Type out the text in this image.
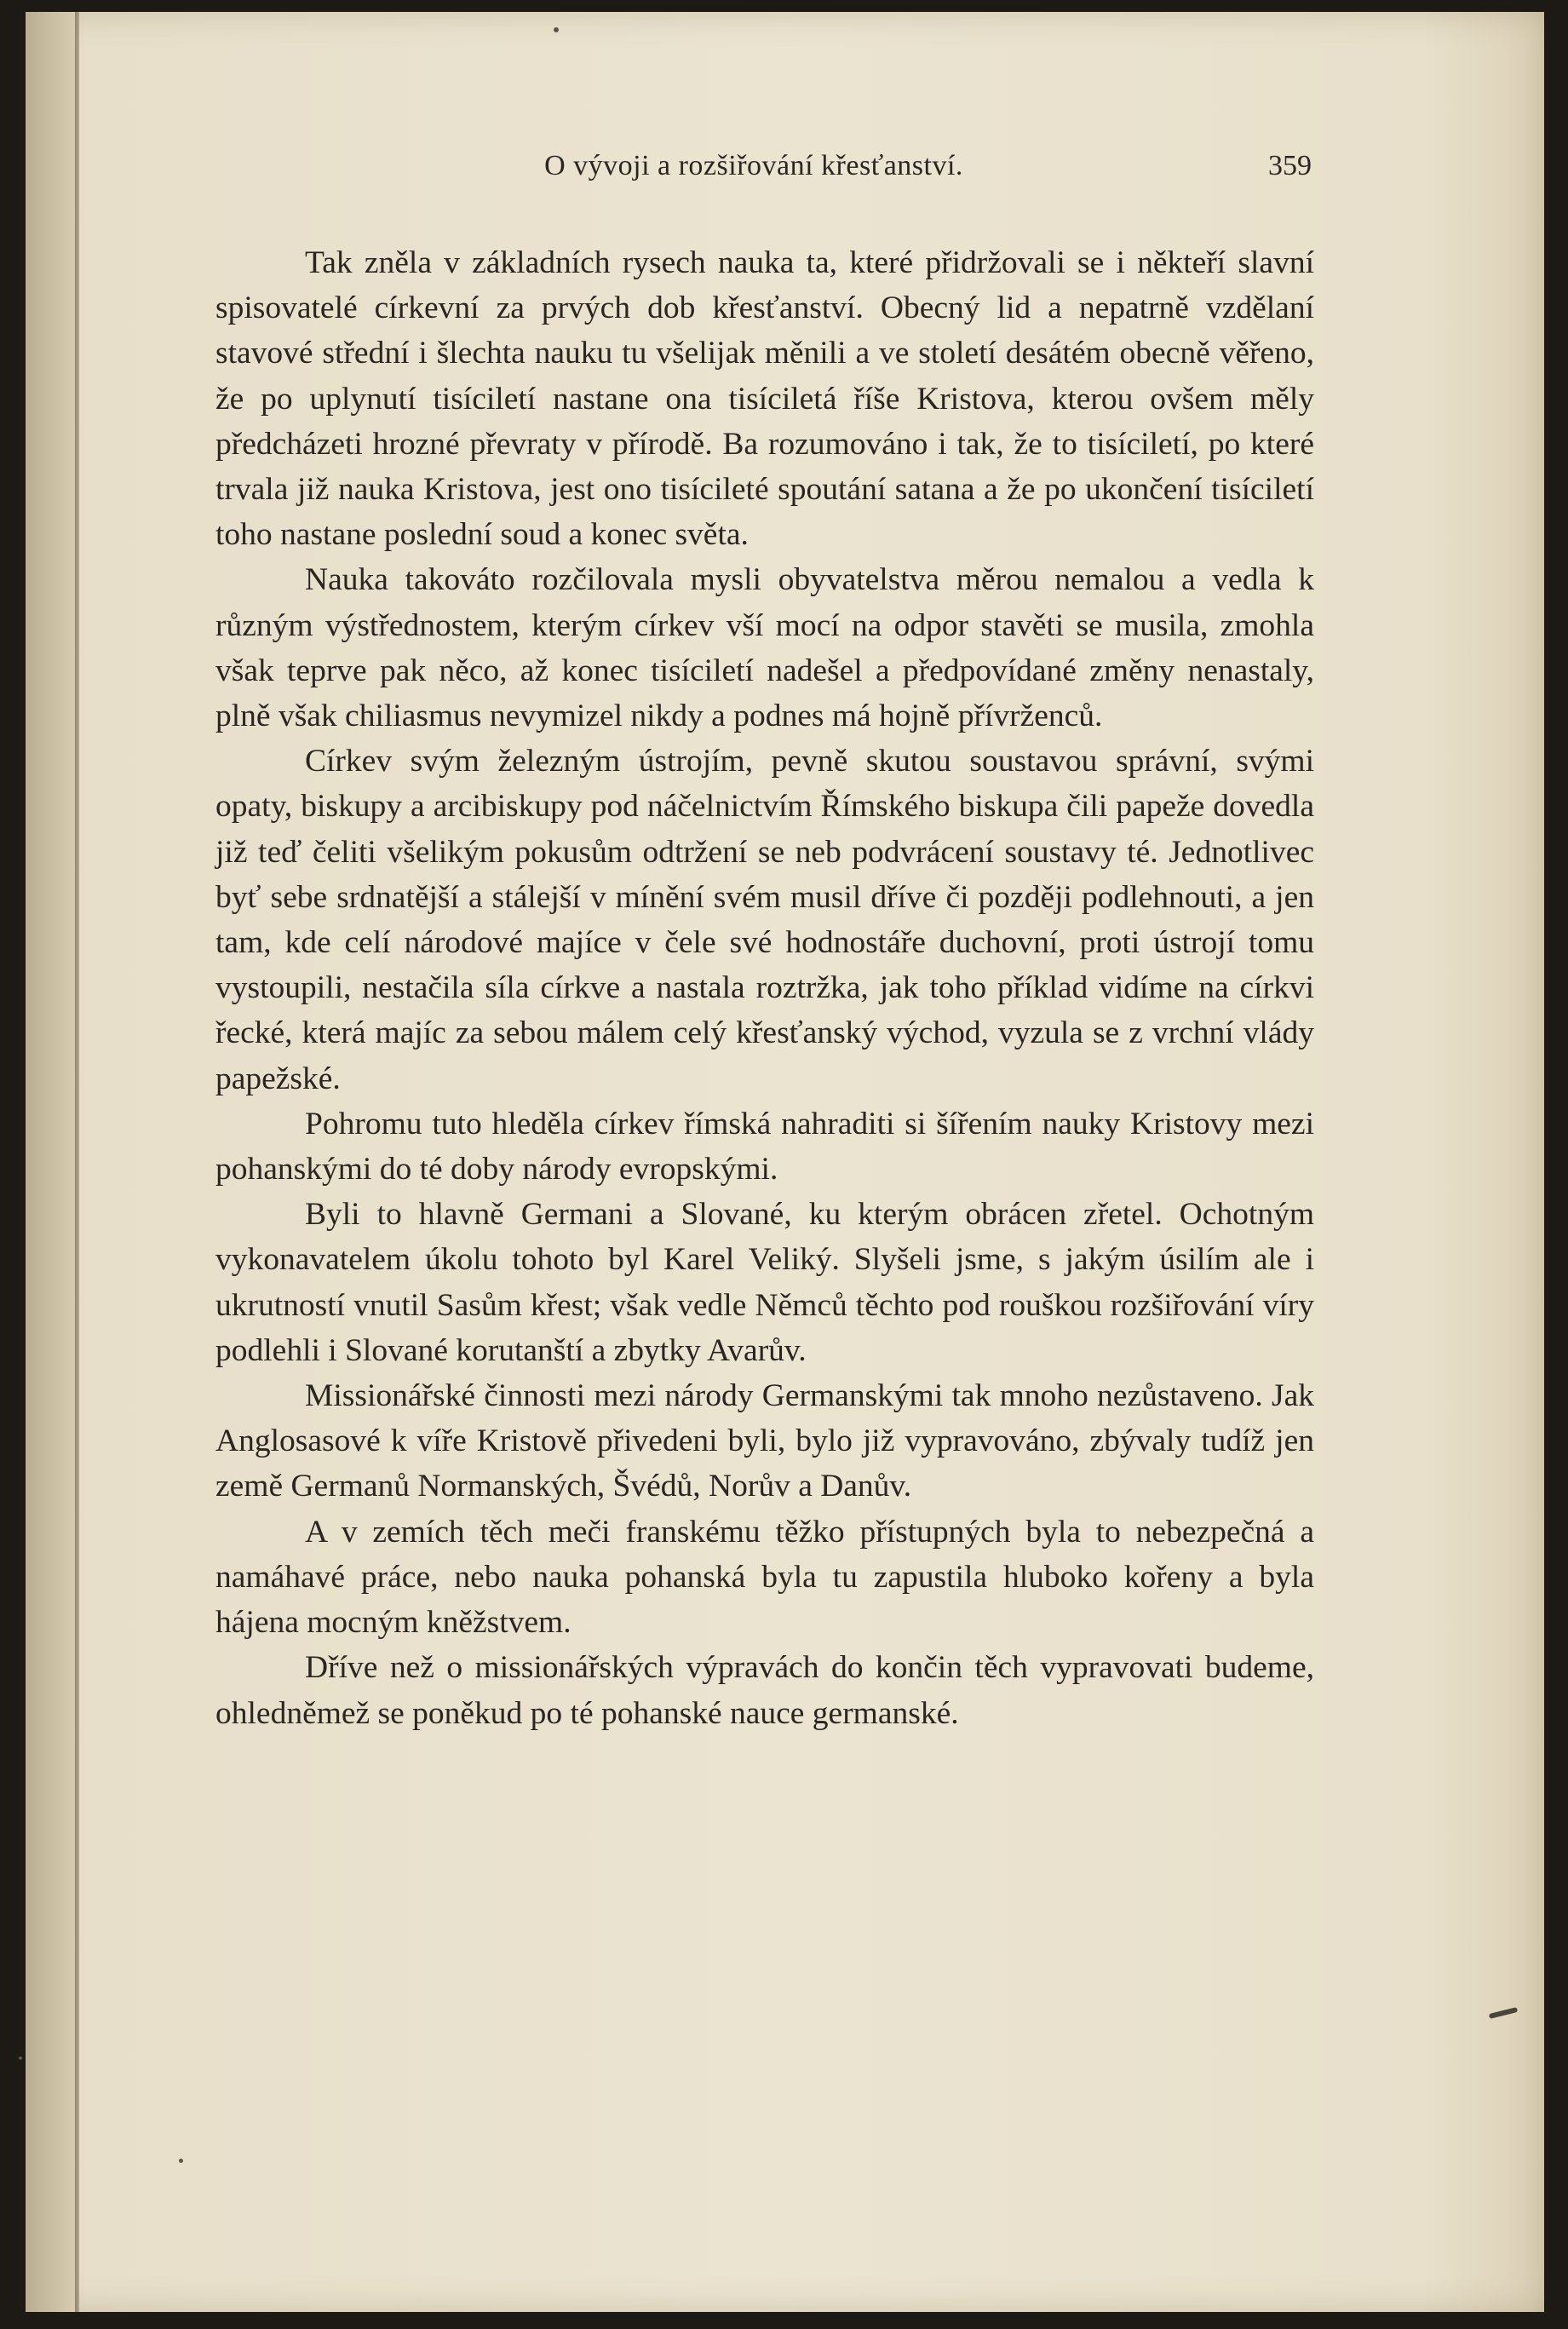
O vývoji a rozšiřování křesťanství.	359

Tak zněla v základních rysech nauka ta, které přidržovali se i někteří slavní spisovatelé církevní za prvých dob křesťanství. Obecný lid a nepatrně vzdělaní stavové střední i šlechta nauku tu všelijak měnili a ve století desátém obecně věřeno, že po uplynutí tisíciletí nastane ona tisíciletá říše Kristova, kterou ovšem měly předcházeti hrozné převraty v přírodě. Ba rozumováno i tak, že to tisíciletí, po které trvala již nauka Kristova, jest ono tisícileté spoutání satana a že po ukončení tisíciletí toho nastane poslední soud a konec světa.

Nauka takováto rozčilovala mysli obyvatelstva měrou nemalou a vedla k různým výstřednostem, kterým církev vší mocí na odpor stavěti se musila, zmohla však teprve pak něco, až konec tisíciletí nadešel a předpovídané změny nenastaly, plně však chiliasmus nevymizel nikdy a podnes má hojně přívrženců.

Církev svým železným ústrojím, pevně skutou soustavou správní, svými opaty, biskupy a arcibiskupy pod náčelnictvím Římského biskupa čili papeže dovedla již teď čeliti všelikým pokusům odtržení se neb podvrácení soustavy té. Jednotlivec byť sebe srdnatější a stálejší v mínění svém musil dříve či později podlehnouti, a jen tam, kde celí národové majíce v čele své hodnostáře duchovní, proti ústrojí tomu vystoupili, nestačila síla církve a nastala roztržka, jak toho příklad vidíme na církvi řecké, která majíc za sebou málem celý křesťanský východ, vyzula se z vrchní vlády papežské.

Pohromu tuto hleděla církev římská nahraditi si šířením nauky Kristovy mezi pohanskými do té doby národy evropskými.

Byli to hlavně Germani a Slované, ku kterým obrácen zřetel. Ochotným vykonavatelem úkolu tohoto byl Karel Veliký. Slyšeli jsme, s jakým úsilím ale i ukrutností vnutil Sasům křest; však vedle Němců těchto pod rouškou rozšiřování víry podlehli i Slované korutanští a zbytky Avarův.

Missionářské činnosti mezi národy Germanskými tak mnoho nezůstaveno. Jak Anglosasové k víře Kristově přivedeni byli, bylo již vypravováno, zbývaly tudíž jen země Germanů Normanských, Švédů, Norův a Danův.

A v zemích těch meči franskému těžko přístupných byla to nebezpečná a namáhavé práce, nebo nauka pohanská byla tu zapustila hluboko kořeny a byla hájena mocným kněžstvem.

Dříve než o missionářských výpravách do končin těch vypravovati budeme, ohledněmež se poněkud po té pohanské nauce germanské.
